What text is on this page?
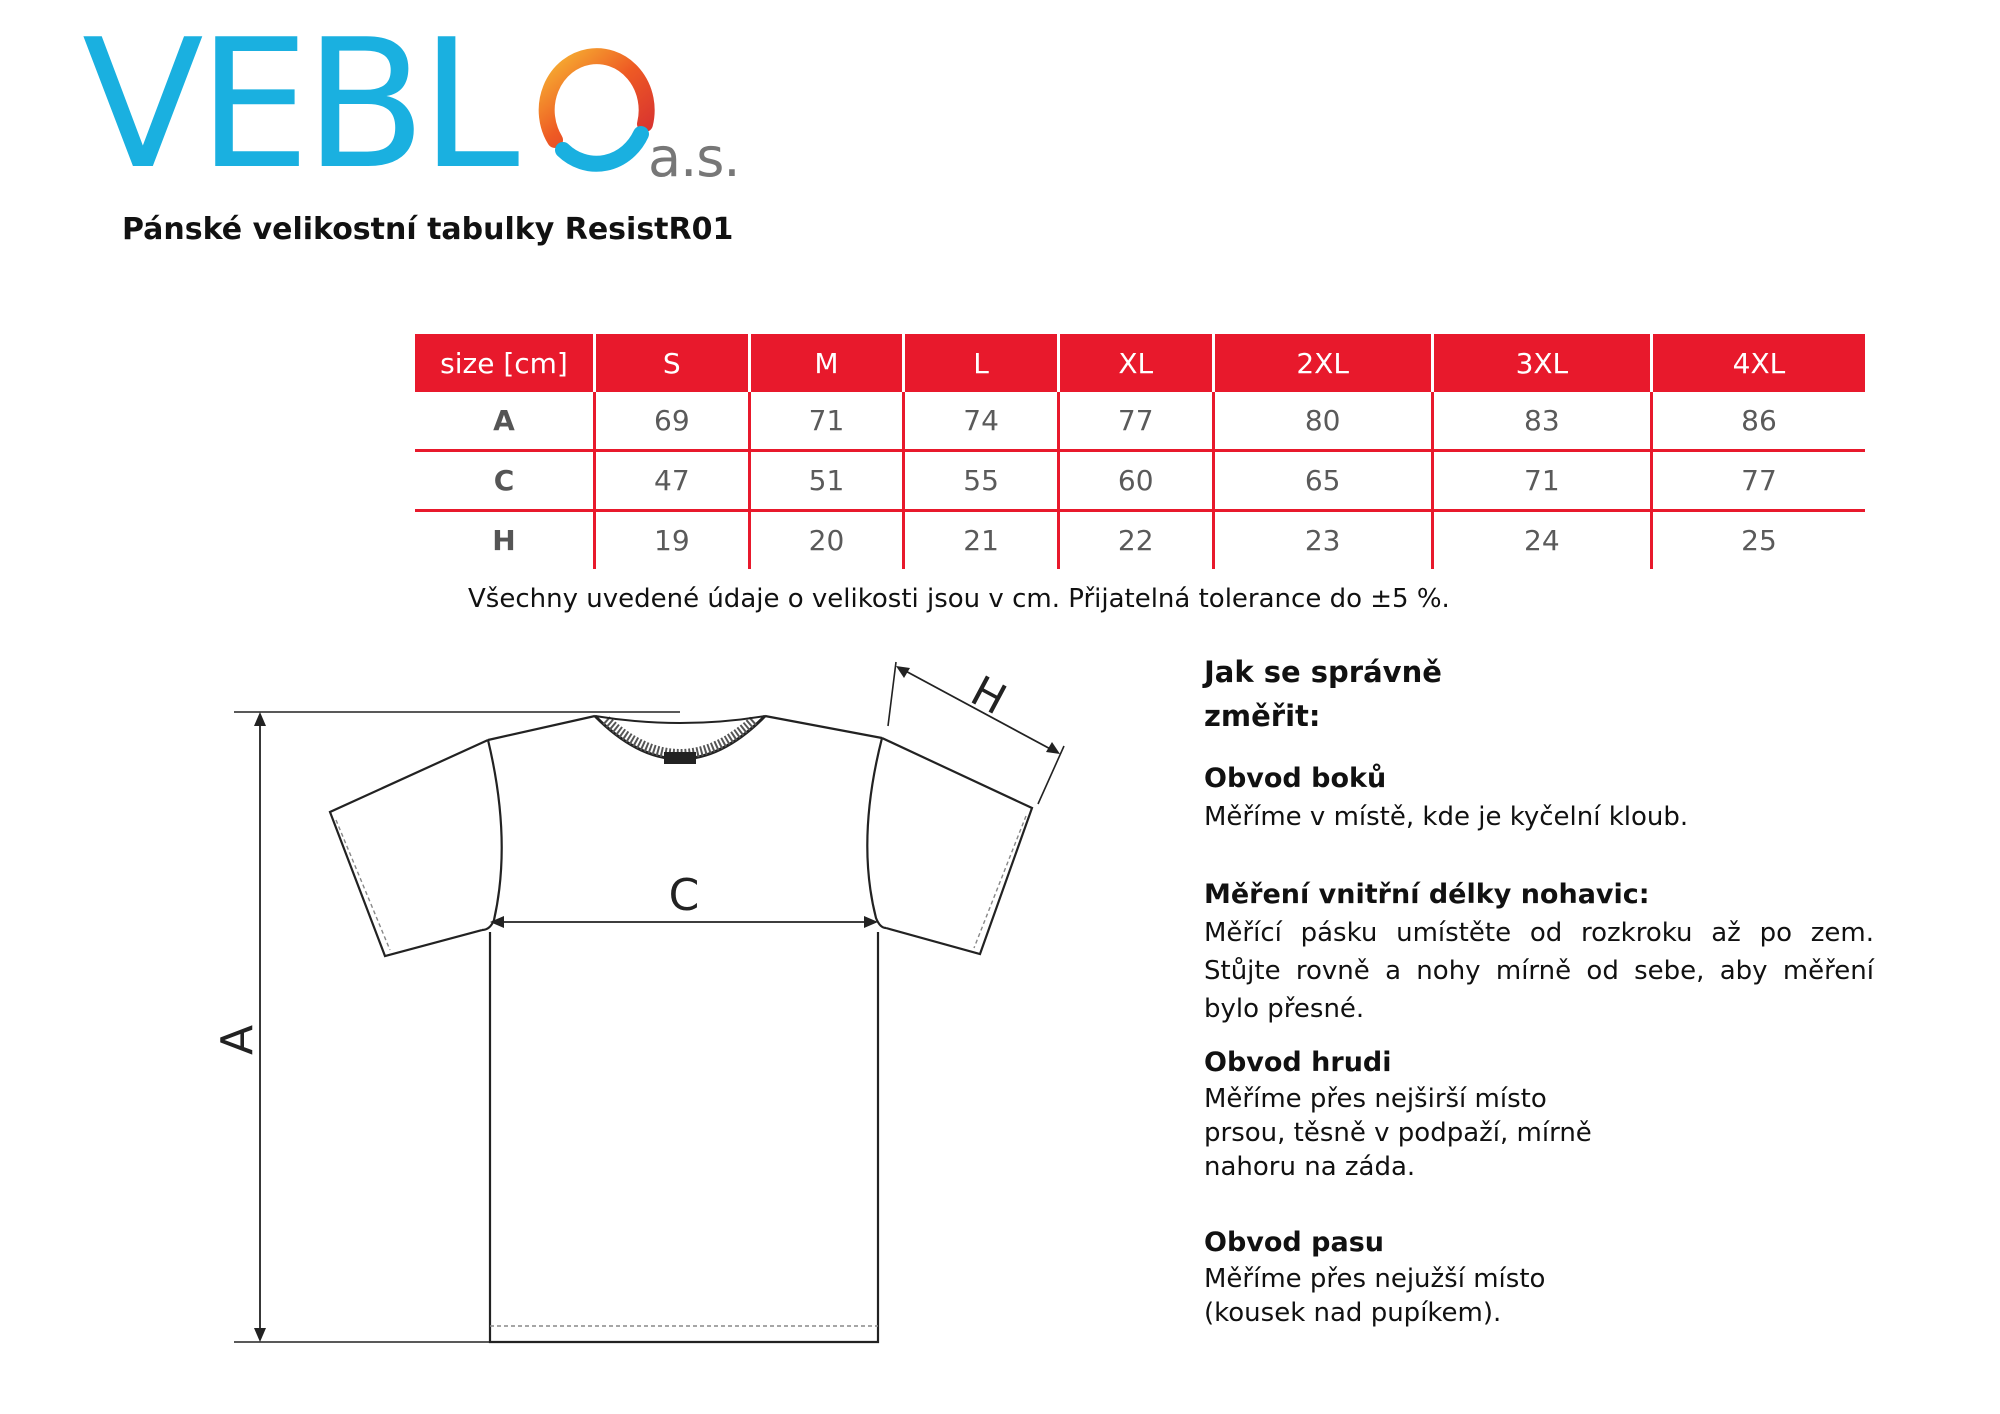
VEBL a.s.
Pánské velikostní tabulky ResistR01
size [cm]	S	M	L	XL	2XL	3XL	4XL
A	69	71	74	77	80	83	86
C	47	51	55	60	65	71	77
H	19	20	21	22	23	24	25
Všechny uvedené údaje o velikosti jsou v cm. Přijatelná tolerance do ±5 %.
C
A
H	Jak se správně změřit:
Obvod boků
Měříme v místě, kde je kyčelní kloub.
Měření vnitřní délky nohavic:
Měřící pásku umístěte od rozkroku až po zem. Stůjte rovně a nohy mírně od sebe, aby měření bylo přesné.
Obvod hrudi
Měříme přes nejširší místo prsou, těsně v podpaží, mírně nahoru na záda.
Obvod pasu
Měříme přes nejužší místo (kousek nad pupíkem).
